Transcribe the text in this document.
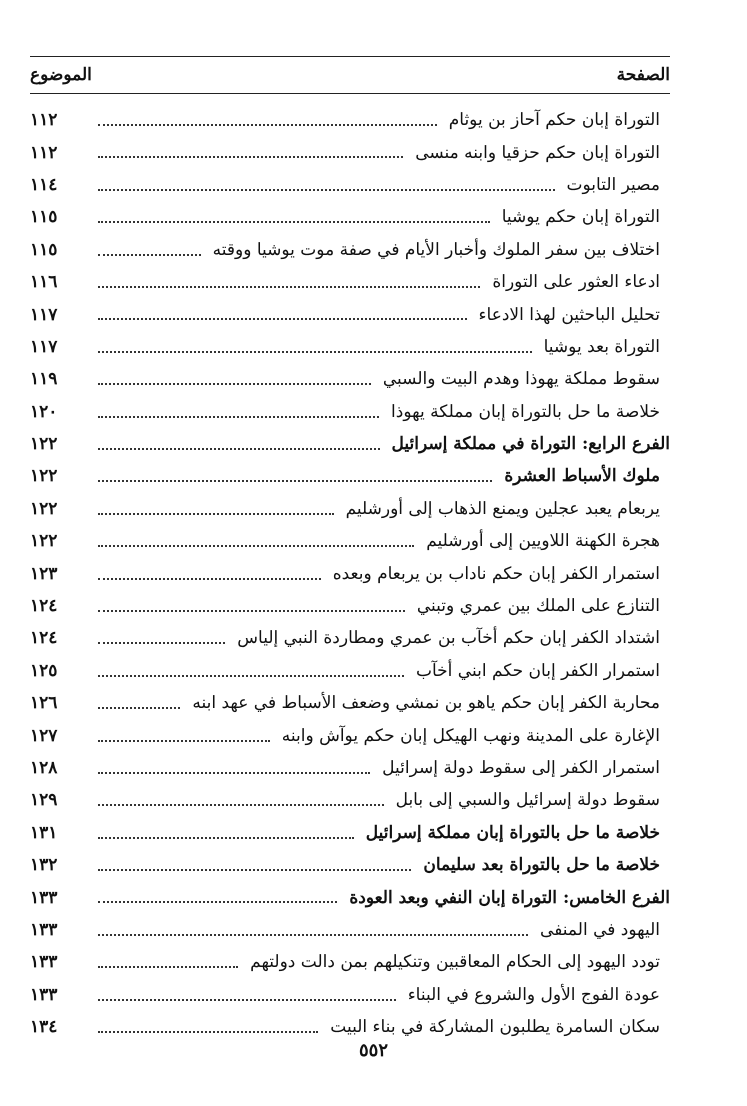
الموضوع	الصفحة
التوراة إبان حكم آحاز بن يوثام
١١٢
التوراة إبان حكم حزقيا وابنه منسى
١١٢
مصير التابوت
١١٤
التوراة إبان حكم يوشيا
١١٥
اختلاف بين سفر الملوك وأخبار الأيام في صفة موت يوشيا ووقته
١١٥
ادعاء العثور على التوراة
١١٦
تحليل الباحثين لهذا الادعاء
١١٧
التوراة بعد يوشيا
١١٧
سقوط مملكة يهوذا وهدم البيت والسبي
١١٩
خلاصة ما حل بالتوراة إبان مملكة يهوذا
١٢٠
الفرع الرابع: التوراة في مملكة إسرائيل
١٢٢
ملوك الأسباط العشرة
١٢٢
يربعام يعبد عجلين ويمنع الذهاب إلى أورشليم
١٢٢
هجرة الكهنة اللاويين إلى أورشليم
١٢٢
استمرار الكفر إبان حكم ناداب بن يربعام وبعده
١٢٣
التنازع على الملك بين عمري وتبني
١٢٤
اشتداد الكفر إبان حكم أخآب بن عمري ومطاردة النبي إلياس
١٢٤
استمرار الكفر إبان حكم ابني أخآب
١٢٥
محاربة الكفر إبان حكم ياهو بن نمشي وضعف الأسباط في عهد ابنه
١٢٦
الإغارة على المدينة ونهب الهيكل إبان حكم يوآش وابنه
١٢٧
استمرار الكفر إلى سقوط دولة إسرائيل
١٢٨
سقوط دولة إسرائيل والسبي إلى بابل
١٢٩
خلاصة ما حل بالتوراة إبان مملكة إسرائيل
١٣١
خلاصة ما حل بالتوراة بعد سليمان
١٣٢
الفرع الخامس: التوراة إبان النفي وبعد العودة
١٣٣
اليهود في المنفى
١٣٣
تودد اليهود إلى الحكام المعاقبين وتنكيلهم بمن دالت دولتهم
١٣٣
عودة الفوج الأول والشروع في البناء
١٣٣
سكان السامرة يطلبون المشاركة في بناء البيت
١٣٤
٥٥٢
